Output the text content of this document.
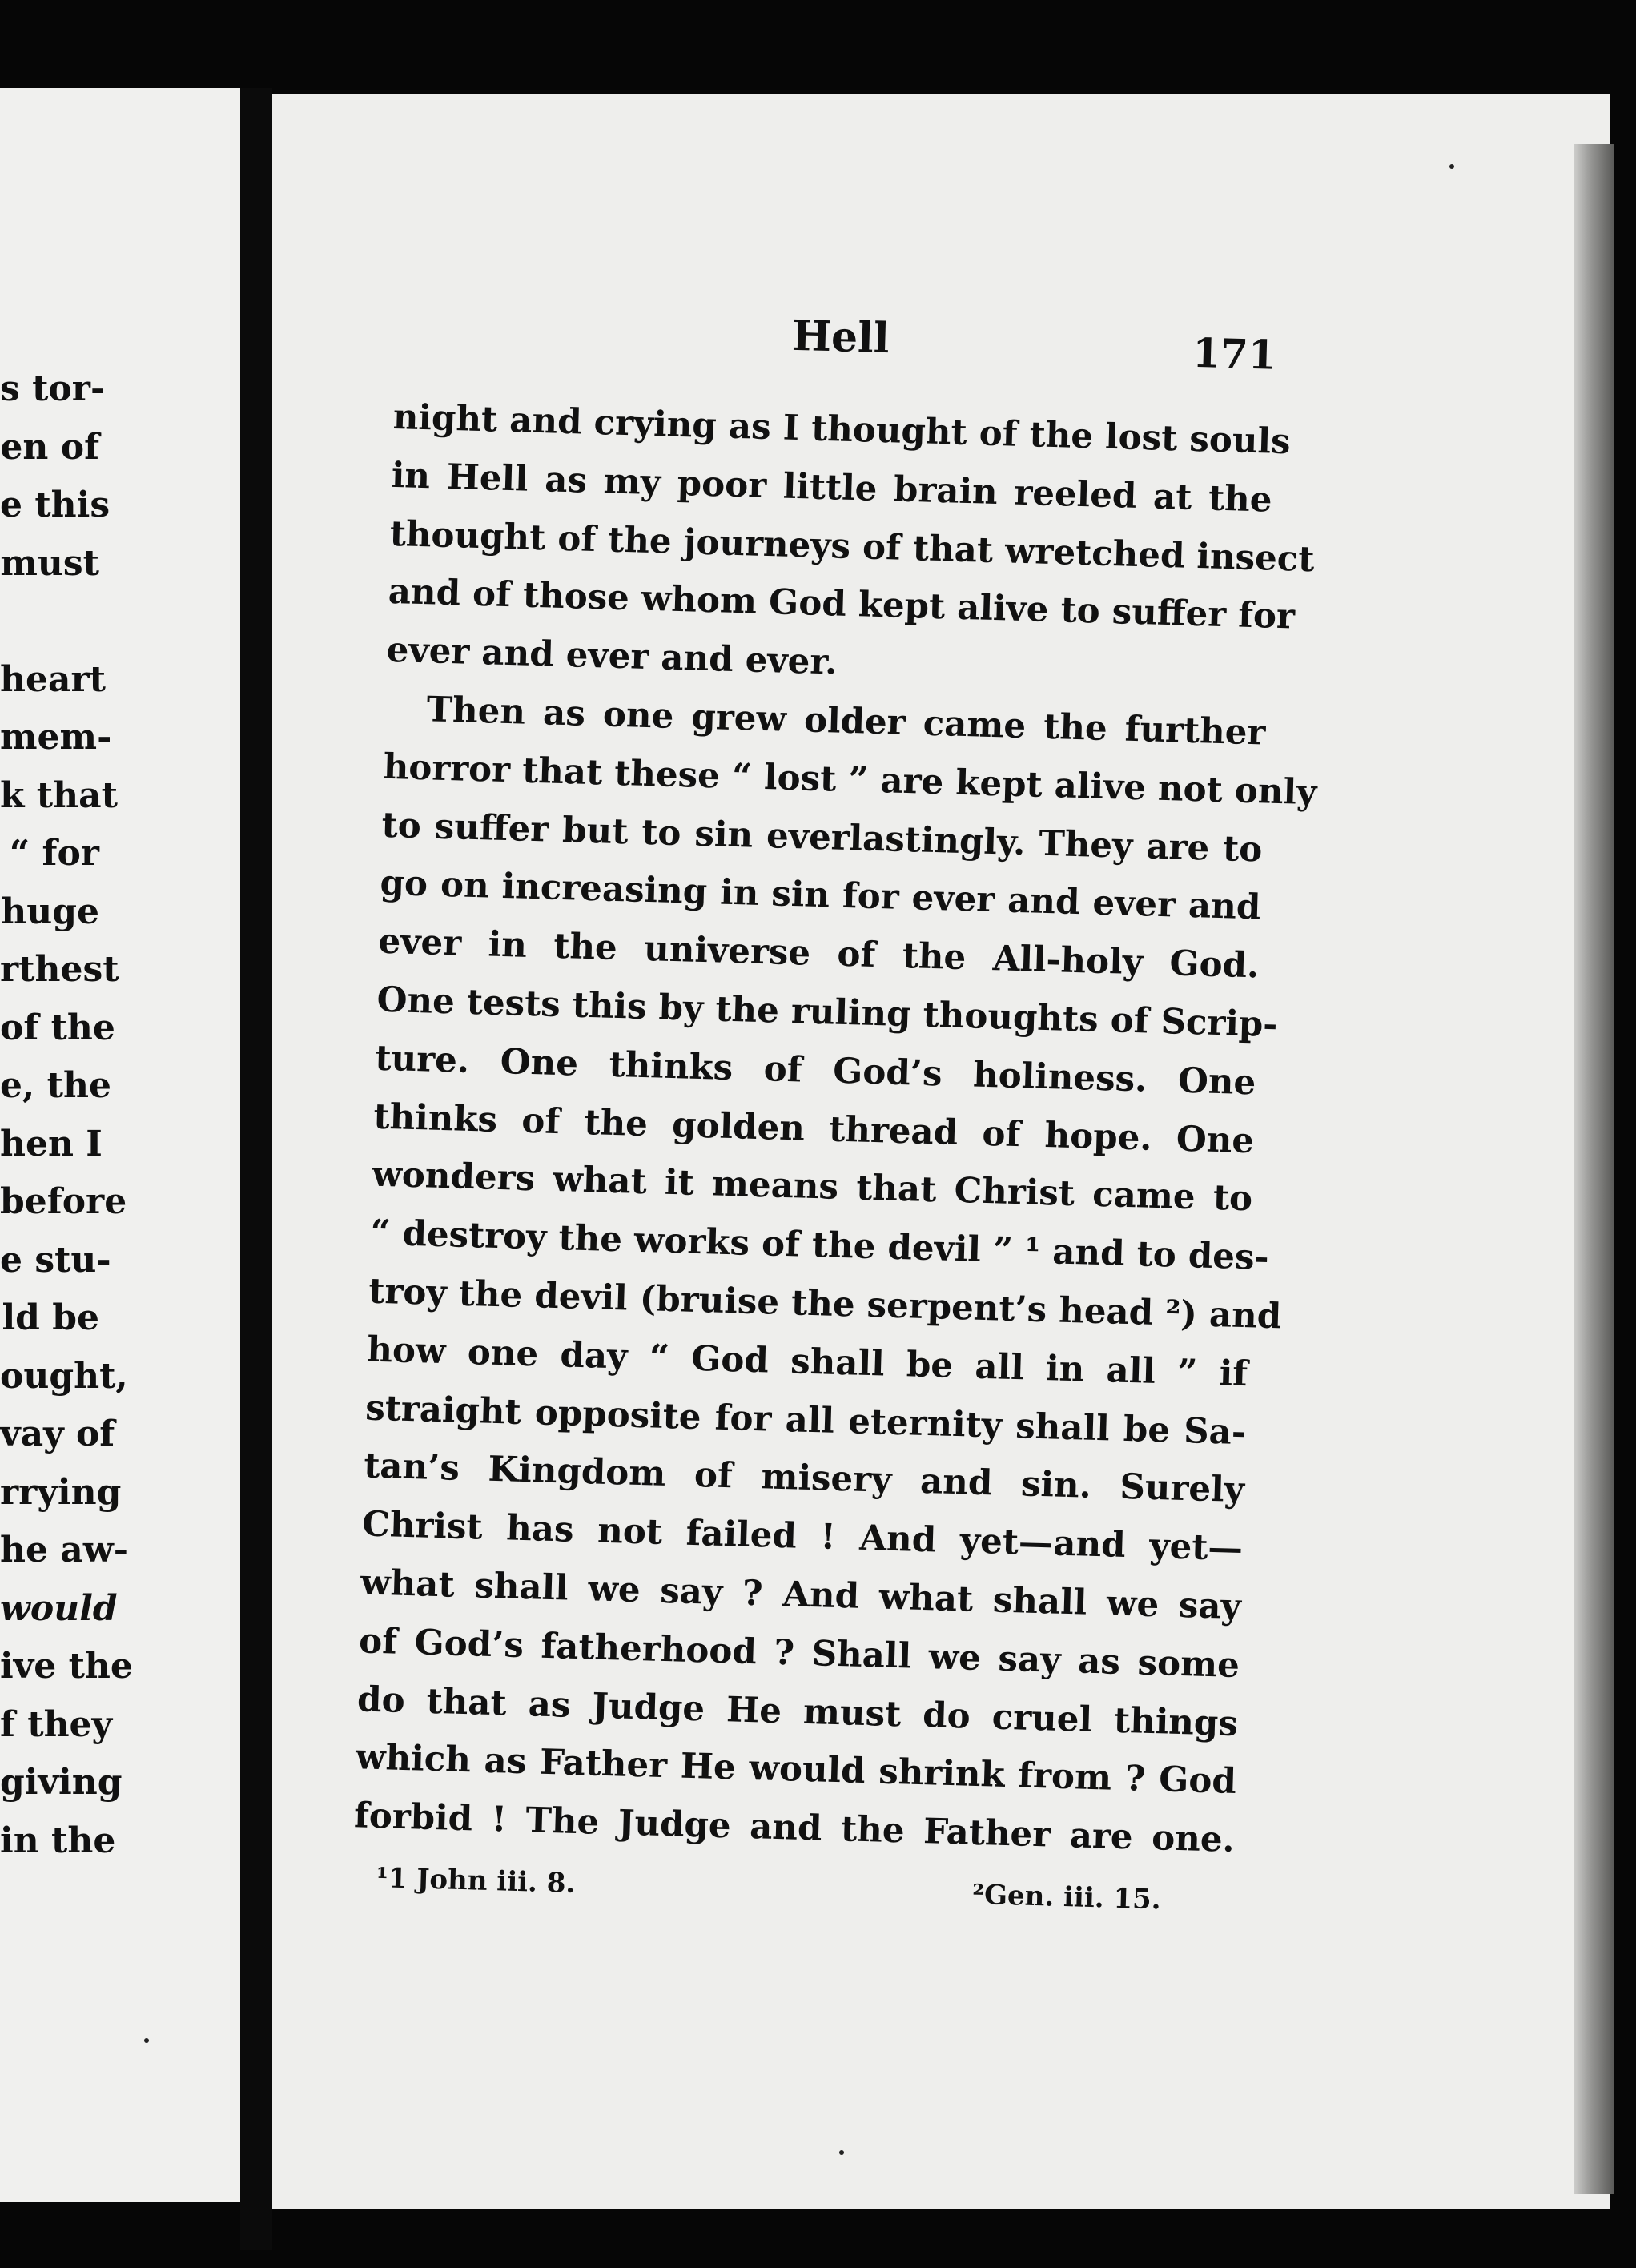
s tor-
en of
e this
must
heart
mem-
k that
“ for
huge
rthest
of the
e, the
hen I
before
e stu-
ld be
ought,
vay of
rrying
he aw-
would
ive the
f they
giving
in the
Hell	171
night and crying as I thought of the lost souls
in Hell as my poor little brain reeled at the
thought of the journeys of that wretched insect
and of those whom God kept alive to suffer for
ever and ever and ever.
Then as one grew older came the further
horror that these “ lost ” are kept alive not only
to suffer but to sin everlastingly. They are to
go on increasing in sin for ever and ever and
ever in the universe of the All-holy God.
One tests this by the ruling thoughts of Scrip-
ture. One thinks of God’s holiness. One
thinks of the golden thread of hope. One
wonders what it means that Christ came to
“ destroy the works of the devil ” ¹ and to des-
troy the devil (bruise the serpent’s head ²) and
how one day “ God shall be all in all ” if
straight opposite for all eternity shall be Sa-
tan’s Kingdom of misery and sin. Surely
Christ has not failed ! And yet—and yet—
what shall we say ? And what shall we say
of God’s fatherhood ? Shall we say as some
do that as Judge He must do cruel things
which as Father He would shrink from ? God
forbid ! The Judge and the Father are one.
¹1 John iii. 8.	²Gen. iii. 15.
